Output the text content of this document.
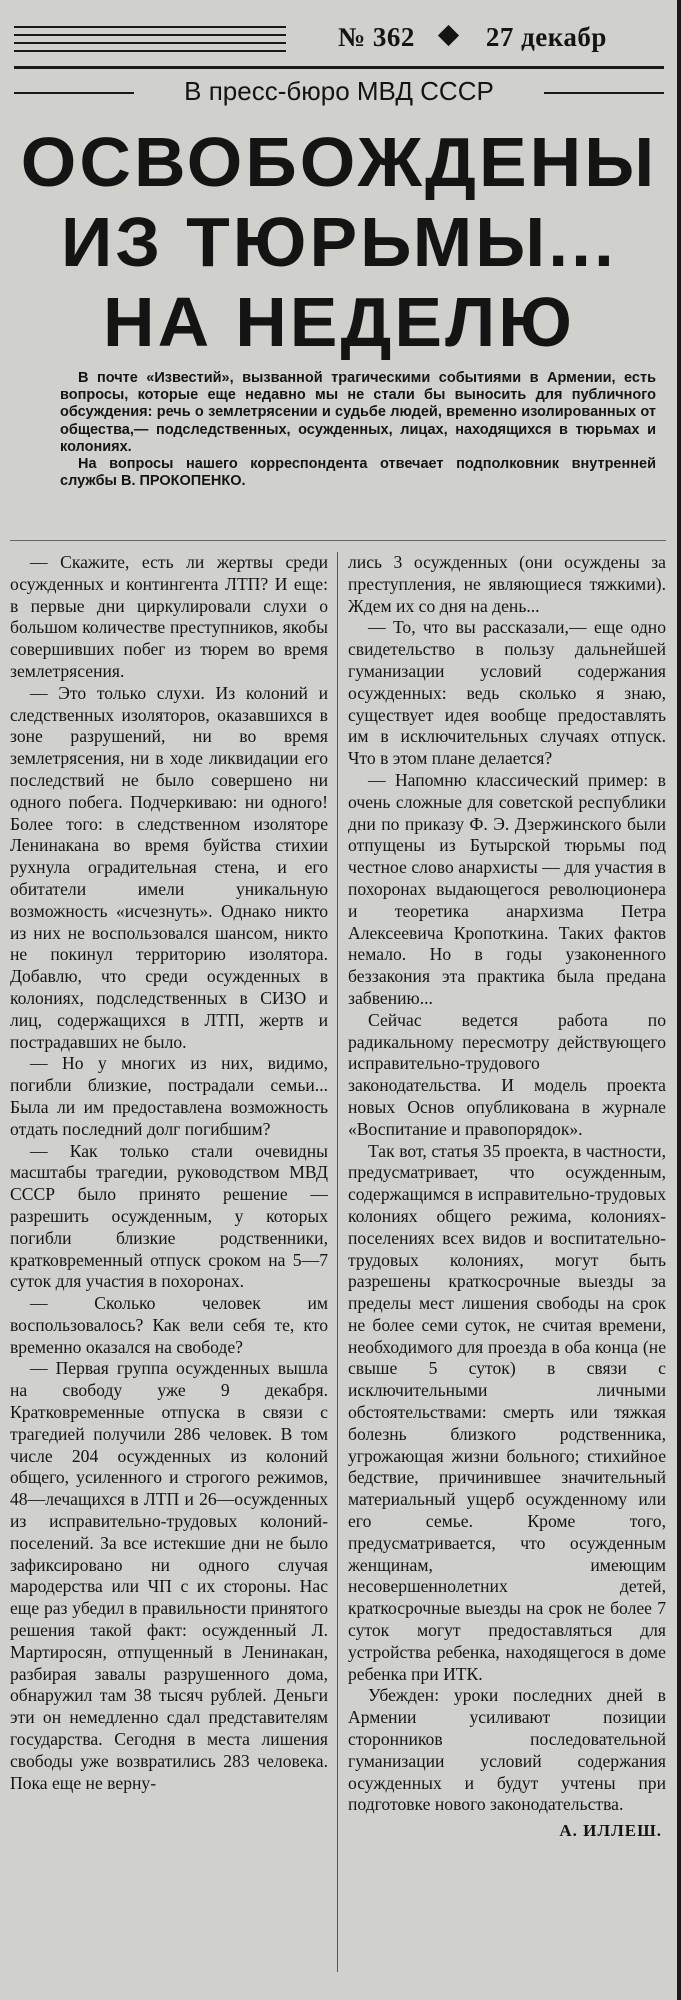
№ 362	27 декабр
В пресс-бюро МВД СССР
ОСВОБОЖДЕНЫ
ИЗ ТЮРЬМЫ...
НА НЕДЕЛЮ

В почте «Известий», вызванной трагическими событиями в Армении, есть вопросы, которые еще недавно мы не стали бы выносить для публичного обсуждения: речь о землетрясении и судьбе людей, временно изолированных от общества,— подследственных, осужденных, лицах, находящихся в тюрьмах и колониях.

На вопросы нашего корреспондента отвечает подполковник внутренней службы В. ПРОКОПЕНКО.

— Скажите, есть ли жертвы среди осужденных и контингента ЛТП? И еще: в первые дни циркулировали слухи о большом количестве преступников, якобы совершивших побег из тюрем во время землетрясения.

— Это только слухи. Из колоний и следственных изоляторов, оказавшихся в зоне разрушений, ни во время землетрясения, ни в ходе ликвидации его последствий не было совершено ни одного побега. Подчеркиваю: ни одного! Более того: в следственном изоляторе Ленинакана во время буйства стихии рухнула оградительная стена, и его обитатели имели уникальную возможность «исчезнуть». Однако никто из них не воспользовался шансом, никто не покинул территорию изолятора. Добавлю, что среди осужденных в колониях, подследственных в СИЗО и лиц, содержащихся в ЛТП, жертв и пострадавших не было.

— Но у многих из них, видимо, погибли близкие, пострадали семьи... Была ли им предоставлена возможность отдать последний долг погибшим?

— Как только стали очевидны масштабы трагедии, руководством МВД СССР было принято решение — разрешить осужденным, у которых погибли близкие родственники, кратковременный отпуск сроком на 5—7 суток для участия в похоронах.

— Сколько человек им воспользовалось? Как вели себя те, кто временно оказался на свободе?

— Первая группа осужденных вышла на свободу уже 9 декабря. Кратковременные отпуска в связи с трагедией получили 286 человек. В том числе 204 осужденных из колоний общего, усиленного и строгого режимов, 48—лечащихся в ЛТП и 26—осужденных из исправительно-трудовых колоний-поселений. За все истекшие дни не было зафиксировано ни одного случая мародерства или ЧП с их стороны. Нас еще раз убедил в правильности принятого решения такой факт: осужденный Л. Мартиросян, отпущенный в Ленинакан, разбирая завалы разрушенного дома, обнаружил там 38 тысяч рублей. Деньги эти он немедленно сдал представителям государства. Сегодня в места лишения свободы уже возвратились 283 человека. Пока еще не верну-

лись 3 осужденных (они осуждены за преступления, не являющиеся тяжкими). Ждем их со дня на день...

— То, что вы рассказали,— еще одно свидетельство в пользу дальнейшей гуманизации условий содержания осужденных: ведь сколько я знаю, существует идея вообще предоставлять им в исключительных случаях отпуск. Что в этом плане делается?

— Напомню классический пример: в очень сложные для советской республики дни по приказу Ф. Э. Дзержинского были отпущены из Бутырской тюрьмы под честное слово анархисты — для участия в похоронах выдающегося революционера и теоретика анархизма Петра Алексеевича Кропоткина. Таких фактов немало. Но в годы узаконенного беззакония эта практика была предана забвению...

Сейчас ведется работа по радикальному пересмотру действующего исправительно-трудового законодательства. И модель проекта новых Основ опубликована в журнале «Воспитание и правопорядок».

Так вот, статья 35 проекта, в частности, предусматривает, что осужденным, содержащимся в исправительно-трудовых колониях общего режима, колониях-поселениях всех видов и воспитательно-трудовых колониях, могут быть разрешены краткосрочные выезды за пределы мест лишения свободы на срок не более семи суток, не считая времени, необходимого для проезда в оба конца (не свыше 5 суток) в связи с исключительными личными обстоятельствами: смерть или тяжкая болезнь близкого родственника, угрожающая жизни больного; стихийное бедствие, причинившее значительный материальный ущерб осужденному или его семье. Кроме того, предусматривается, что осужденным женщинам, имеющим несовершеннолетних детей, краткосрочные выезды на срок не более 7 суток могут предоставляться для устройства ребенка, находящегося в доме ребенка при ИТК.

Убежден: уроки последних дней в Армении усиливают позиции сторонников последовательной гуманизации условий содержания осужденных и будут учтены при подготовке нового законодательства.

А. ИЛЛЕШ.
